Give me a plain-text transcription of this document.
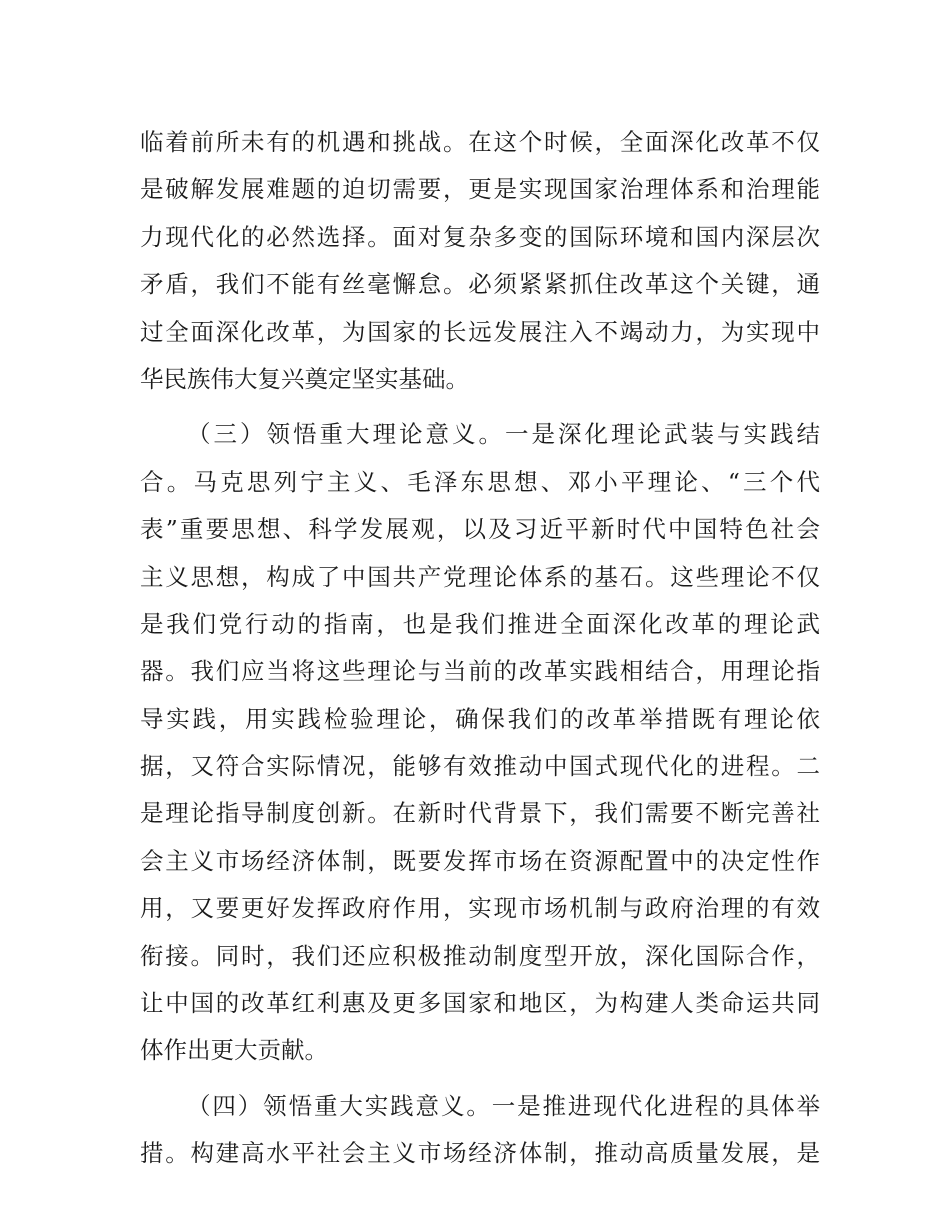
临着前所未有的机遇和挑战。在这个时候，全面深化改革不仅
是破解发展难题的迫切需要，更是实现国家治理体系和治理能
力现代化的必然选择。面对复杂多变的国际环境和国内深层次
矛盾，我们不能有丝毫懈怠。必须紧紧抓住改革这个关键，通
过全面深化改革，为国家的长远发展注入不竭动力，为实现中
华民族伟大复兴奠定坚实基础。
（三）领悟重大理论意义。一是深化理论武装与实践结
合。马克思列宁主义、毛泽东思想、邓小平理论、“三个代
表”重要思想、科学发展观，以及习近平新时代中国特色社会
主义思想，构成了中国共产党理论体系的基石。这些理论不仅
是我们党行动的指南，也是我们推进全面深化改革的理论武
器。我们应当将这些理论与当前的改革实践相结合，用理论指
导实践，用实践检验理论，确保我们的改革举措既有理论依
据，又符合实际情况，能够有效推动中国式现代化的进程。二
是理论指导制度创新。在新时代背景下，我们需要不断完善社
会主义市场经济体制，既要发挥市场在资源配置中的决定性作
用，又要更好发挥政府作用，实现市场机制与政府治理的有效
衔接。同时，我们还应积极推动制度型开放，深化国际合作，
让中国的改革红利惠及更多国家和地区，为构建人类命运共同
体作出更大贡献。
（四）领悟重大实践意义。一是推进现代化进程的具体举
措。构建高水平社会主义市场经济体制，推动高质量发展，是
